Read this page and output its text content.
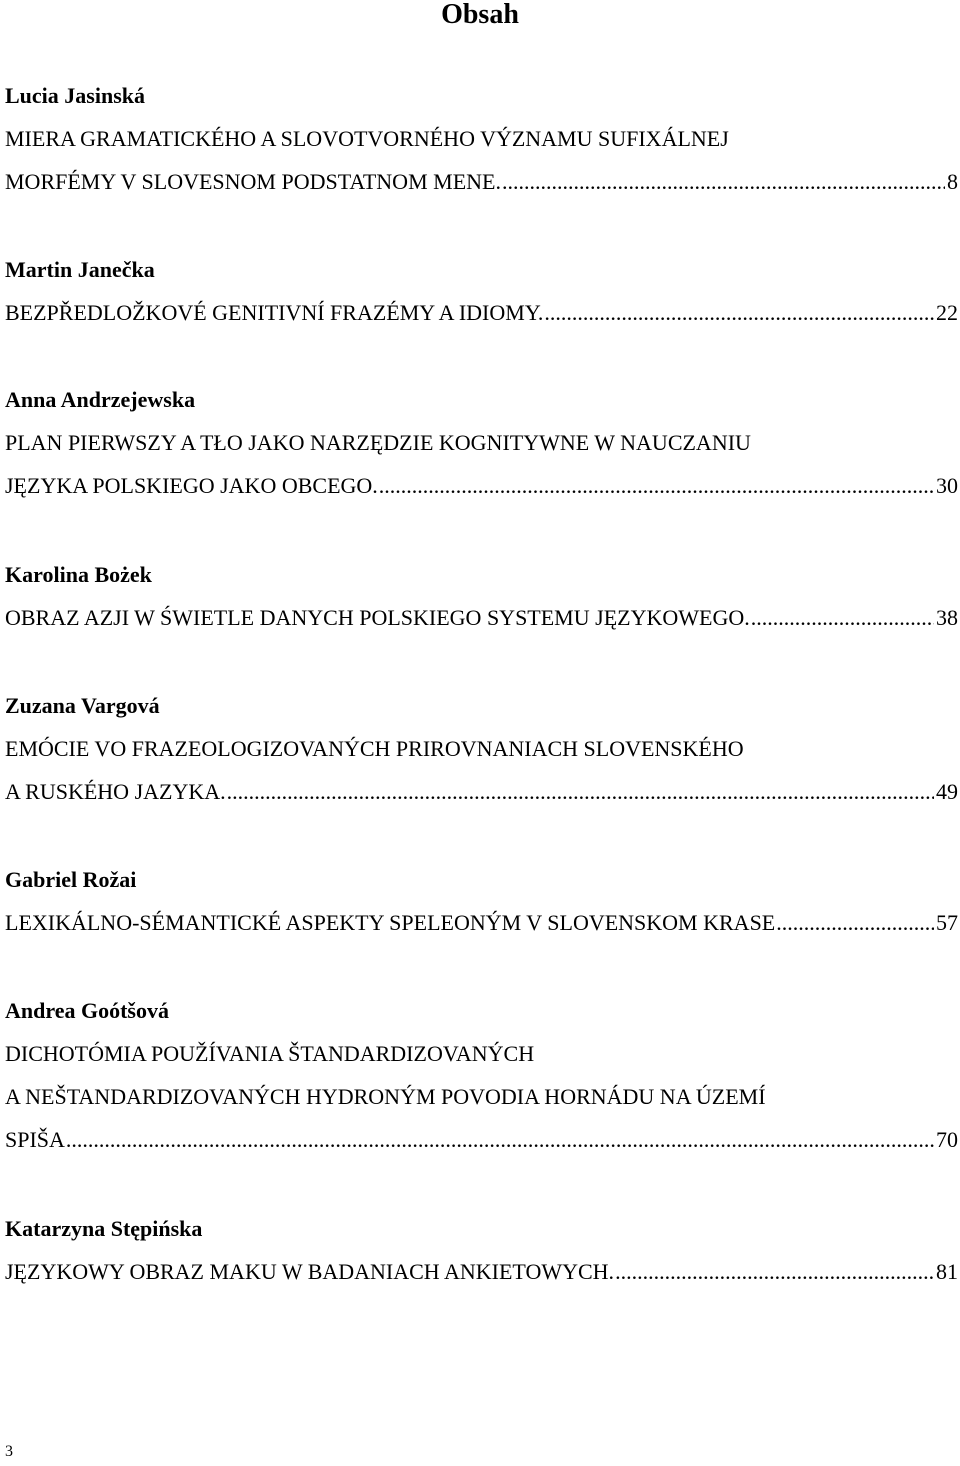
Obsah
Lucia Jasinská
MIERA GRAMATICKÉHO A SLOVOTVORNÉHO VÝZNAMU SUFIXÁLNEJ
MORFÉMY V SLOVESNOM PODSTATNOM MENE. .....	8
Martin Janečka
BEZPŘEDLOŽKOVÉ GENITIVNÍ FRAZÉMY A IDIOMY. .....	22
Anna Andrzejewska
PLAN PIERWSZY A TŁO JAKO NARZĘDZIE KOGNITYWNE W NAUCZANIU
JĘZYKA POLSKIEGO JAKO OBCEGO. .....	30
Karolina Bożek
OBRAZ AZJI W ŚWIETLE DANYCH POLSKIEGO SYSTEMU JĘZYKOWEGO. .....	38
Zuzana Vargová
EMÓCIE VO FRAZEOLOGIZOVANÝCH PRIROVNANIACH SLOVENSKÉHO
A RUSKÉHO JAZYKA. .....	49
Gabriel Rožai
LEXIKÁLNO-SÉMANTICKÉ ASPEKTY SPELEONÝM V SLOVENSKOM KRASE .....	57
Andrea Goótšová
DICHOTÓMIA POUŽÍVANIA ŠTANDARDIZOVANÝCH
A NEŠTANDARDIZOVANÝCH HYDRONÝM POVODIA HORNÁDU NA ÚZEMÍ
SPIŠA .....	70
Katarzyna Stępińska
JĘZYKOWY OBRAZ MAKU W BADANIACH ANKIETOWYCH. .....	81
3
